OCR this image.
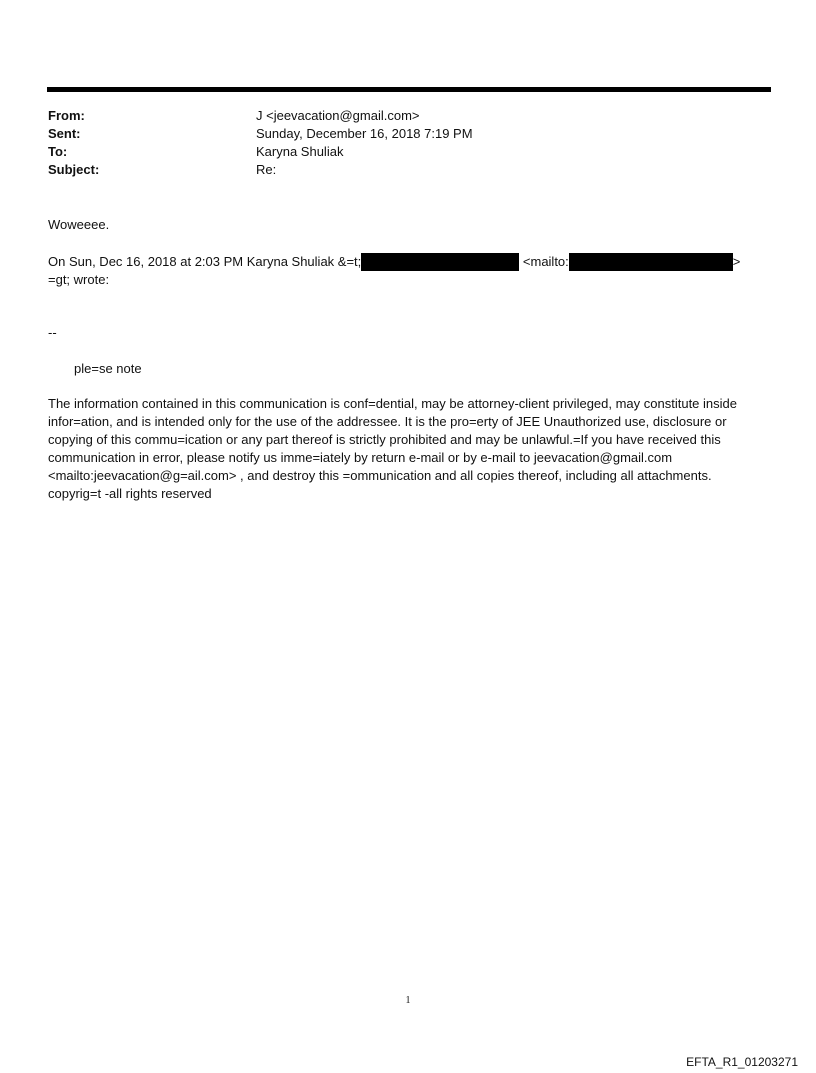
From:	J <jeevacation@gmail.com>
Sent:	Sunday, December 16, 2018 7:19 PM
To:	Karyna Shuliak
Subject:	Re:
Woweeee.
On Sun, Dec 16, 2018 at 2:03 PM Karyna Shuliak &=t;	<mailto:	>
=gt; wrote:
--
ple=se note
The information contained in this communication is conf=dential, may be attorney-client privileged, may constitute inside infor=ation, and is intended only for the use of the addressee. It is the pro=erty of JEE Unauthorized use, disclosure or copying of this commu=ication or any part thereof is strictly prohibited and may be unlawful.=If you have received this communication in error, please notify us imme=iately by return e-mail or by e-mail to jeevacation@gmail.com <mailto:jeevacation@g=ail.com> , and destroy this =ommunication and all copies thereof, including all attachments. copyrig=t -all rights reserved
1
EFTA_R1_01203271
